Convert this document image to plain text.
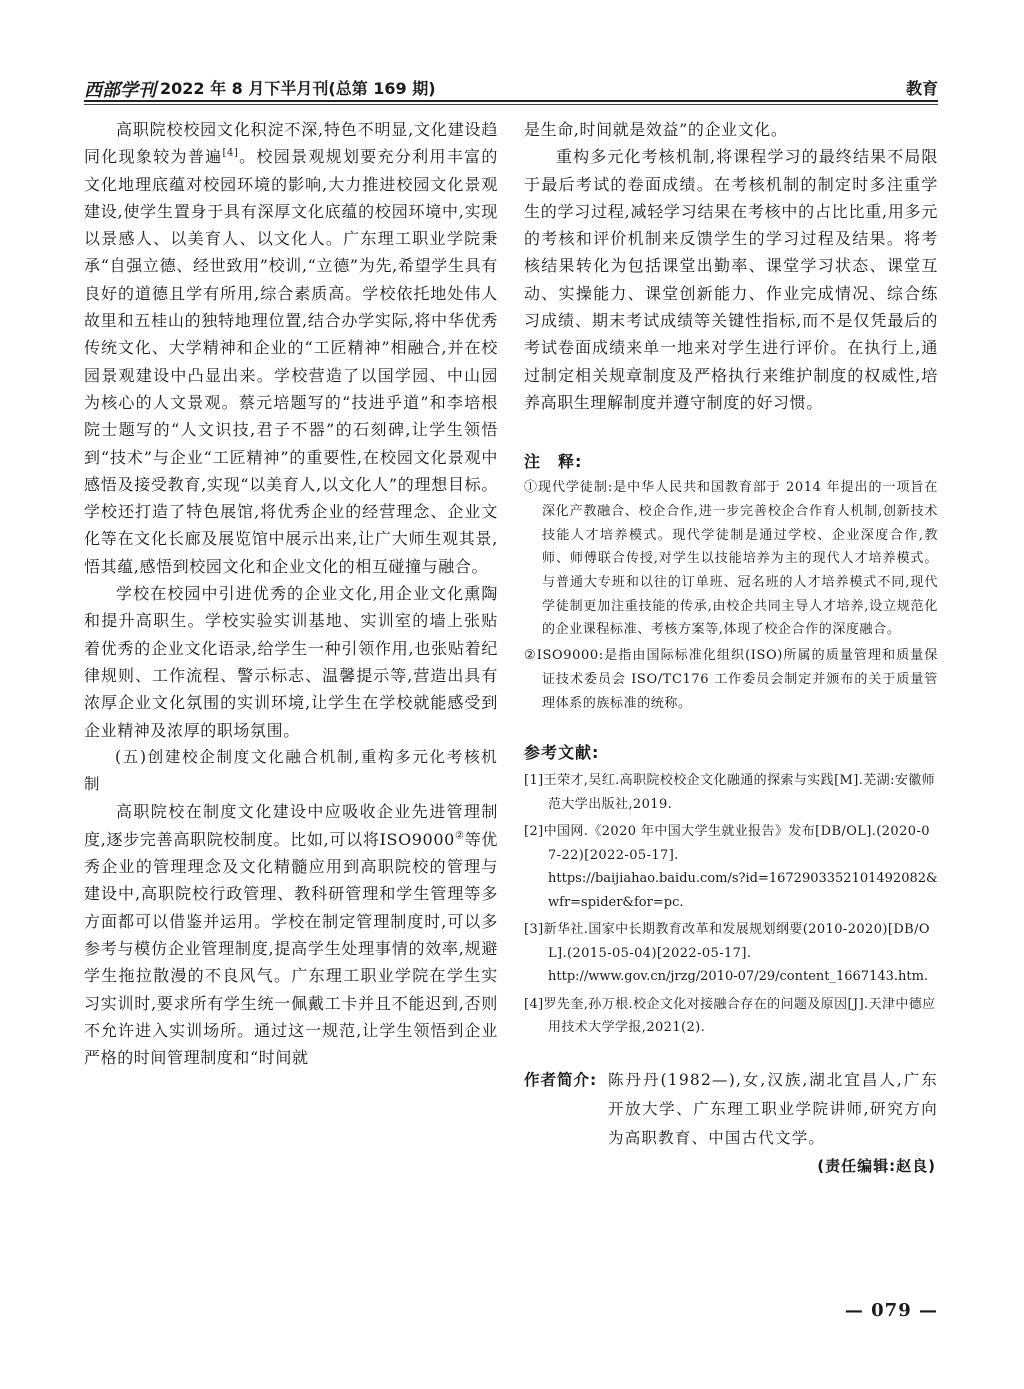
西部学刊 2022 年 8 月下半月刊(总第 169 期)	教育

高职院校校园文化积淀不深,特色不明显,文化建设趋同化现象较为普遍[4]。校园景观规划要充分利用丰富的文化地理底蕴对校园环境的影响,大力推进校园文化景观建设,使学生置身于具有深厚文化底蕴的校园环境中,实现以景感人、以美育人、以文化人。广东理工职业学院秉承“自强立德、经世致用”校训,“立德”为先,希望学生具有良好的道德且学有所用,综合素质高。学校依托地处伟人故里和五桂山的独特地理位置,结合办学实际,将中华优秀传统文化、大学精神和企业的“工匠精神”相融合,并在校园景观建设中凸显出来。学校营造了以国学园、中山园为核心的人文景观。蔡元培题写的“技进乎道”和李培根院士题写的“人文识技,君子不器”的石刻碑,让学生领悟到“技术”与企业“工匠精神”的重要性,在校园文化景观中感悟及接受教育,实现“以美育人,以文化人”的理想目标。学校还打造了特色展馆,将优秀企业的经营理念、企业文化等在文化长廊及展览馆中展示出来,让广大师生观其景,悟其蕴,感悟到校园文化和企业文化的相互碰撞与融合。

学校在校园中引进优秀的企业文化,用企业文化熏陶和提升高职生。学校实验实训基地、实训室的墙上张贴着优秀的企业文化语录,给学生一种引领作用,也张贴着纪律规则、工作流程、警示标志、温馨提示等,营造出具有浓厚企业文化氛围的实训环境,让学生在学校就能感受到企业精神及浓厚的职场氛围。

(五)创建校企制度文化融合机制,重构多元化考核机制

高职院校在制度文化建设中应吸收企业先进管理制度,逐步完善高职院校制度。比如,可以将ISO9000②等优秀企业的管理理念及文化精髓应用到高职院校的管理与建设中,高职院校行政管理、教科研管理和学生管理等多方面都可以借鉴并运用。学校在制定管理制度时,可以多参考与模仿企业管理制度,提高学生处理事情的效率,规避学生拖拉散漫的不良风气。广东理工职业学院在学生实习实训时,要求所有学生统一佩戴工卡并且不能迟到,否则不允许进入实训场所。通过这一规范,让学生领悟到企业严格的时间管理制度和“时间就

是生命,时间就是效益”的企业文化。

重构多元化考核机制,将课程学习的最终结果不局限于最后考试的卷面成绩。在考核机制的制定时多注重学生的学习过程,减轻学习结果在考核中的占比比重,用多元的考核和评价机制来反馈学生的学习过程及结果。将考核结果转化为包括课堂出勤率、课堂学习状态、课堂互动、实操能力、课堂创新能力、作业完成情况、综合练习成绩、期末考试成绩等关键性指标,而不是仅凭最后的考试卷面成绩来单一地来对学生进行评价。在执行上,通过制定相关规章制度及严格执行来维护制度的权威性,培养高职生理解制度并遵守制度的好习惯。

注　释:

①现代学徒制:是中华人民共和国教育部于 2014 年提出的一项旨在深化产教融合、校企合作,进一步完善校企合作育人机制,创新技术技能人才培养模式。现代学徒制是通过学校、企业深度合作,教师、师傅联合传授,对学生以技能培养为主的现代人才培养模式。与普通大专班和以往的订单班、冠名班的人才培养模式不同,现代学徒制更加注重技能的传承,由校企共同主导人才培养,设立规范化的企业课程标准、考核方案等,体现了校企合作的深度融合。

②ISO9000:是指由国际标准化组织(ISO)所属的质量管理和质量保证技术委员会 ISO/TC176 工作委员会制定并颁布的关于质量管理体系的族标准的统称。

参考文献:

[1]王荣才,吴红.高职院校校企文化融通的探索与实践[M].芜湖:安徽师范大学出版社,2019.

[2]中国网.《2020 年中国大学生就业报告》发布[DB/OL].(2020-07-22)[2022-05-17].
https://baijiahao.baidu.com/s?id=1672903352101492082&wfr=spider&for=pc.

[3]新华社.国家中长期教育改革和发展规划纲要(2010-2020)[DB/OL].(2015-05-04)[2022-05-17].
http://www.gov.cn/jrzg/2010-07/29/content_1667143.htm.

[4]罗先奎,孙万根.校企文化对接融合存在的问题及原因[J].天津中德应用技术大学学报,2021(2).

作者简介: 陈丹丹(1982—),女,汉族,湖北宜昌人,广东开放大学、广东理工职业学院讲师,研究方向为高职教育、中国古代文学。
(责任编辑:赵良)
— 079 —
